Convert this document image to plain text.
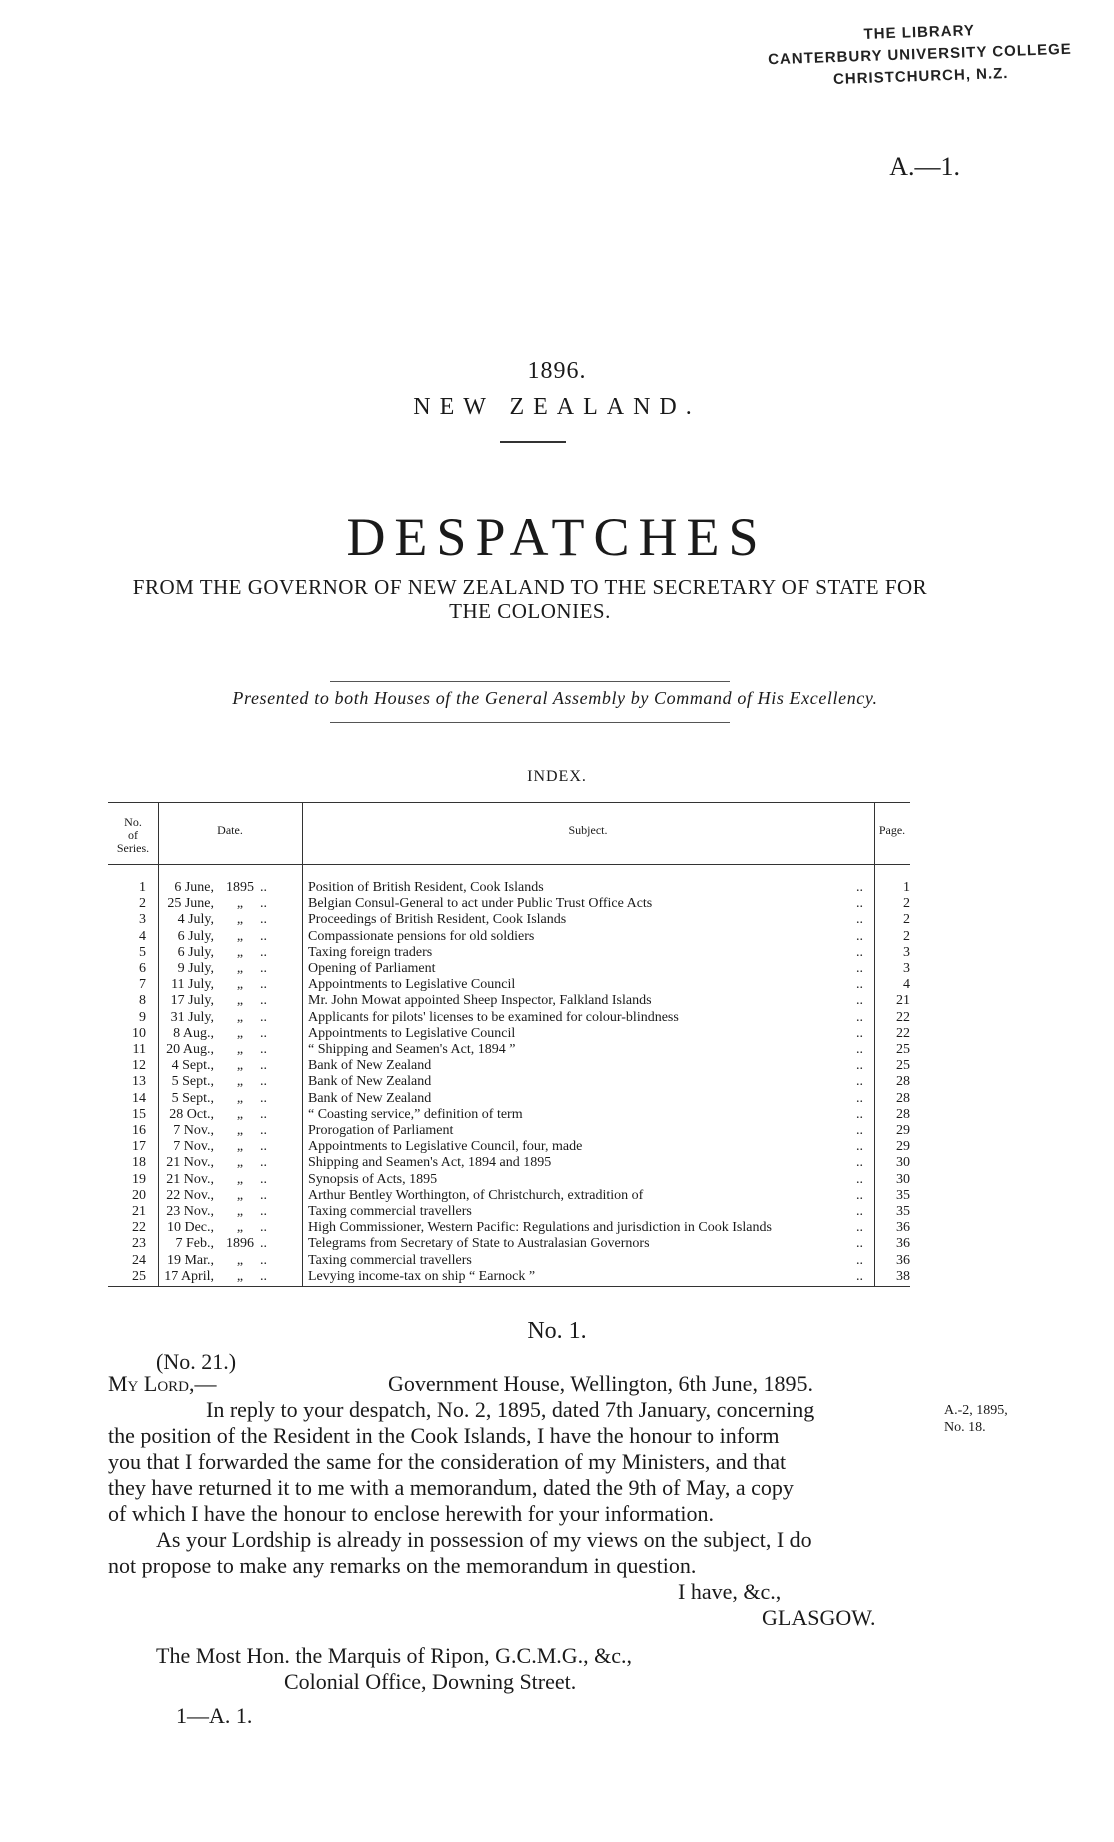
THE LIBRARY
CANTERBURY UNIVERSITY COLLEGE
CHRISTCHURCH, N.Z.
A.—1.
1896.
NEW ZEALAND.
DESPATCHES
FROM THE GOVERNOR OF NEW ZEALAND TO THE SECRETARY OF STATE FOR THE COLONIES.
Presented to both Houses of the General Assembly by Command of His Excellency.
INDEX.
No.
of
Series.
Date.	Subject.	Page.
1	6 June, 1895 ..	Position of British Resident, Cook Islands	..	1
2	25 June,	„	..	Belgian Consul-General to act under Public Trust Office Acts	..	2
3	4 July,	„	..	Proceedings of British Resident, Cook Islands	..	2
4	6 July,	„	..	Compassionate pensions for old soldiers	..	2
5	6 July,	„	..	Taxing foreign traders	..	3
6	9 July,	„	..	Opening of Parliament	..	3
7	11 July,	„	..	Appointments to Legislative Council	..	4
8	17 July,	„	..	Mr. John Mowat appointed Sheep Inspector, Falkland Islands	..	21
9	31 July,	„	..	Applicants for pilots' licenses to be examined for colour-blindness	..	22
10	8 Aug.,	„	..	Appointments to Legislative Council	..	22
11	20 Aug.,	„	..	“ Shipping and Seamen's Act, 1894 ”	..	25
12	4 Sept.,	„	..	Bank of New Zealand	..	25
13	5 Sept.,	„	..	Bank of New Zealand	..	28
14	5 Sept.,	„	..	Bank of New Zealand	..	28
15	28 Oct.,	„	..	“ Coasting service,” definition of term	..	28
16	7 Nov.,	„	..	Prorogation of Parliament	..	29
17	7 Nov.,	„	..	Appointments to Legislative Council, four, made	..	29
18	21 Nov.,	„	..	Shipping and Seamen's Act, 1894 and 1895	..	30
19	21 Nov.,	„	..	Synopsis of Acts, 1895	..	30
20	22 Nov.,	„	..	Arthur Bentley Worthington, of Christchurch, extradition of	..	35
21	23 Nov.,	„	..	Taxing commercial travellers	..	35
22	10 Dec.,	„	..	High Commissioner, Western Pacific: Regulations and jurisdiction in Cook Islands	..	36
23	7 Feb., 1896 ..	Telegrams from Secretary of State to Australasian Governors	..	36
24	19 Mar.,	„	..	Taxing commercial travellers	..	36
25	17 April,	„	..	Levying income-tax on ship “ Earnock ”	..	38
No. 1.
(No. 21.)
My Lord,—	Government House, Wellington, 6th June, 1895.
A.-2, 1895,
No. 18.
In reply to your despatch, No. 2, 1895, dated 7th January, concerning
the position of the Resident in the Cook Islands, I have the honour to inform
you that I forwarded the same for the consideration of my Ministers, and that
they have returned it to me with a memorandum, dated the 9th of May, a copy
of which I have the honour to enclose herewith for your information.
As your Lordship is already in possession of my views on the subject, I do
not propose to make any remarks on the memorandum in question.
I have, &c.,
GLASGOW.
The Most Hon. the Marquis of Ripon, G.C.M.G., &c.,
Colonial Office, Downing Street.
1—A. 1.
